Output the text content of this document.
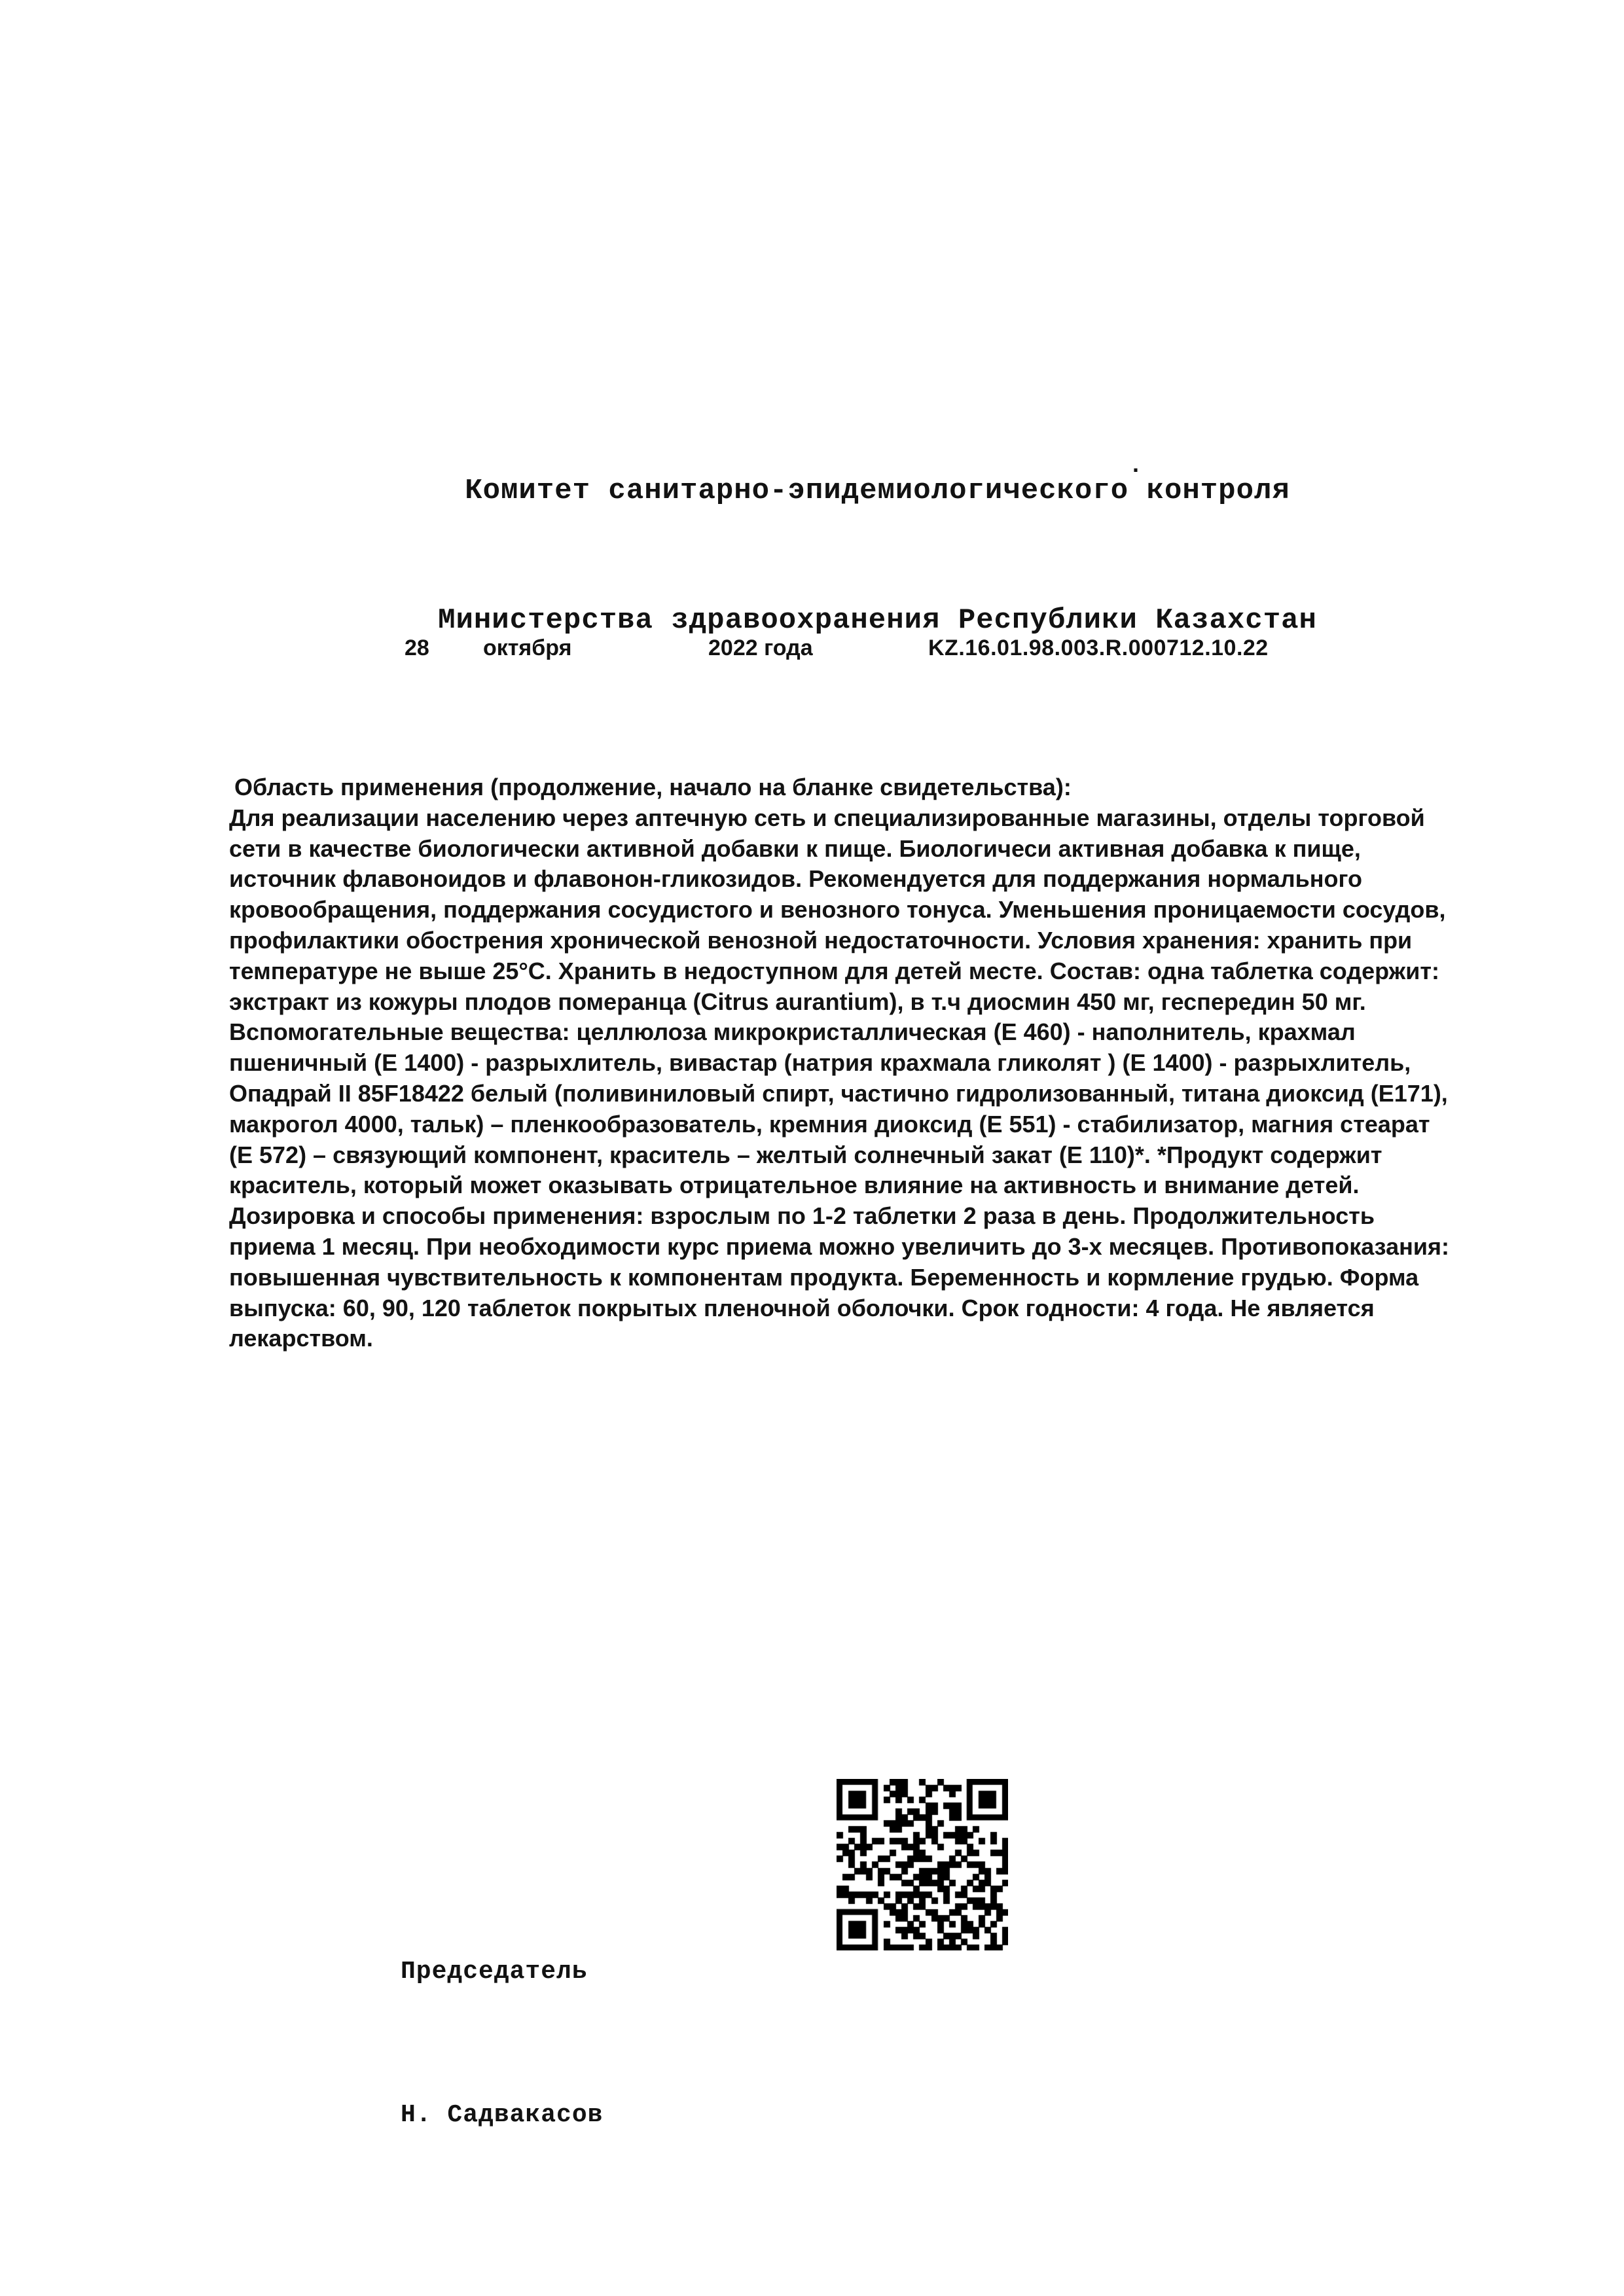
Комитет санитарно-эпидемиологического контроля

Министерства здравоохранения Республики Казахстан

.
28 октября	2022 года	KZ.16.01.98.003.R.000712.10.22
Область применения (продолжение, начало на бланке свидетельства):

Для реализации населению через аптечную сеть и специализированные магазины, отделы торговой сети в качестве биологически активной добавки к пище. Биологичеси активная добавка к пище, источник флавоноидов и флавонон-гликозидов. Рекомендуется для поддержания нормального кровообращения, поддержания сосудистого и венозного тонуса. Уменьшения проницаемости сосудов, профилактики обострения хронической венозной недостаточности. Условия хранения: хранить при температуре не выше 25°С. Хранить в недоступном для детей месте. Состав: одна таблетка содержит: экстракт из кожуры плодов померанца (Citrus aurantium), в т.ч диосмин 450 мг, геспередин 50 мг. Вспомогательные вещества: целлюлоза микрокристаллическая (Е 460) - наполнитель, крахмал пшеничный (Е 1400) - разрыхлитель, вивастар (натрия крахмала гликолят ) (Е 1400) - разрыхлитель, Опадрай II 85F18422 белый (поливиниловый спирт, частично гидролизованный, титана диоксид (Е171), макрогол 4000, тальк) – пленкообразователь, кремния диоксид (Е 551) - стабилизатор, магния стеарат (Е 572) – связующий компонент, краситель – желтый солнечный закат (Е 110)*. *Продукт содержит краситель, который может оказывать отрицательное влияние на активность и внимание детей. Дозировка и способы применения: взрослым по 1-2 таблетки 2 раза в день. Продолжительность приема 1 месяц. При необходимости курс приема можно увеличить до 3-х месяцев. Противопоказания: повышенная чувствительность к компонентам продукта. Беременность и кормление грудью. Форма выпуска: 60, 90, 120 таблеток покрытых пленочной оболочки. Срок годности: 4 года. Не является лекарством.

Председатель

Н. Садвакасов
